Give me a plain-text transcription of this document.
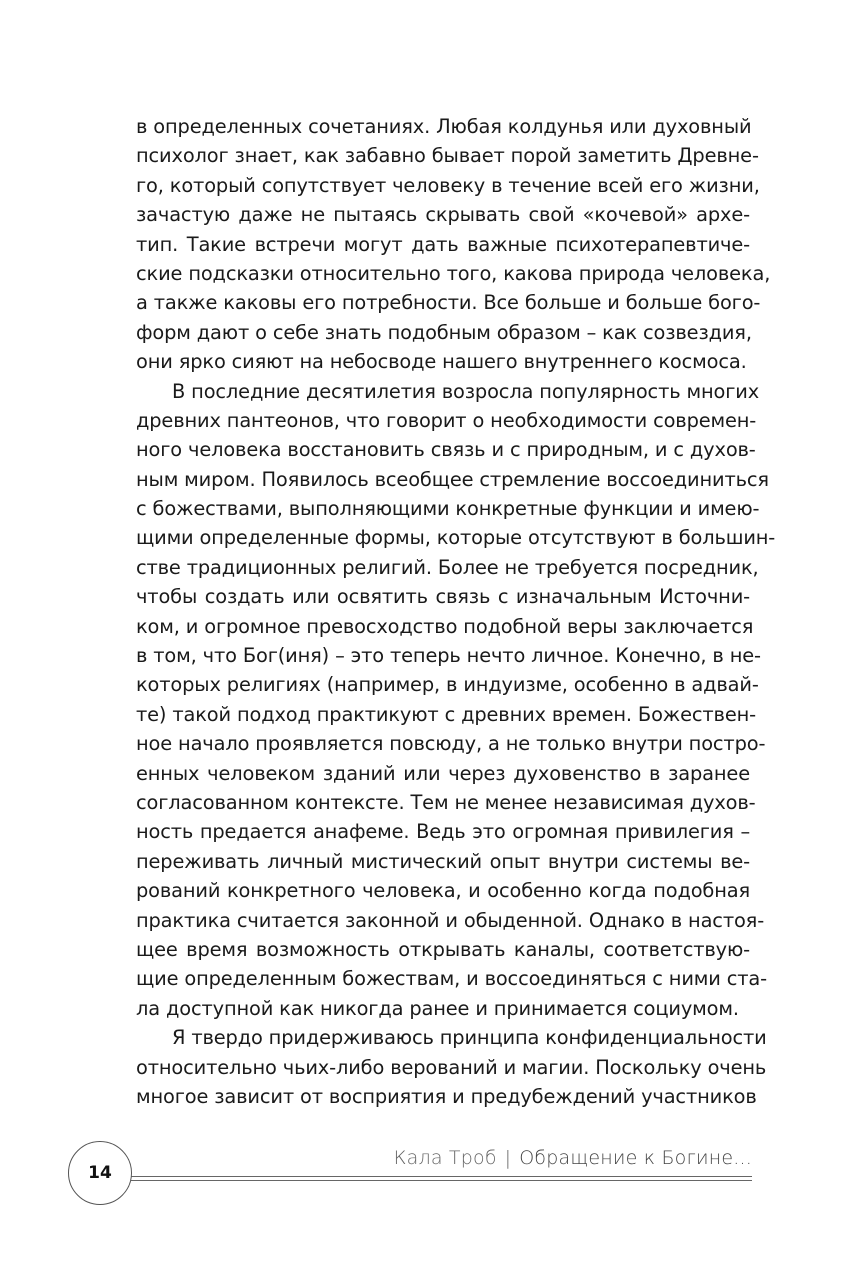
в определенных сочетаниях. Любая колдунья или духовный
психолог знает, как забавно бывает порой заметить Древне-
го, который сопутствует человеку в течение всей его жизни,
зачастую даже не пытаясь скрывать свой «кочевой» архе-
тип. Такие встречи могут дать важные психотерапевтиче-
ские подсказки относительно того, какова природа человека,
а также каковы его потребности. Все больше и больше бого-
форм дают о себе знать подобным образом – как созвездия,
они ярко сияют на небосводе нашего внутреннего космоса.
В последние десятилетия возросла популярность многих
древних пантеонов, что говорит о необходимости современ-
ного человека восстановить связь и с природным, и с духов-
ным миром. Появилось всеобщее стремление воссоединиться
с божествами, выполняющими конкретные функции и имею-
щими определенные формы, которые отсутствуют в большин-
стве традиционных религий. Более не требуется посредник,
чтобы создать или освятить связь с изначальным Источни-
ком, и огромное превосходство подобной веры заключается
в том, что Бог(иня) – это теперь нечто личное. Конечно, в не-
которых религиях (например, в индуизме, особенно в адвай-
те) такой подход практикуют с древних времен. Божествен-
ное начало проявляется повсюду, а не только внутри постро-
енных человеком зданий или через духовенство в заранее
согласованном контексте. Тем не менее независимая духов-
ность предается анафеме. Ведь это огромная привилегия –
переживать личный мистический опыт внутри системы ве-
рований конкретного человека, и особенно когда подобная
практика считается законной и обыденной. Однако в настоя-
щее время возможность открывать каналы, соответствую-
щие определенным божествам, и воссоединяться с ними ста-
ла доступной как никогда ранее и принимается социумом.
Я твердо придерживаюсь принципа конфиденциальности
относительно чьих-либо верований и магии. Поскольку очень
многое зависит от восприятия и предубеждений участников
14
Кала Троб | Обращение к Богине...
